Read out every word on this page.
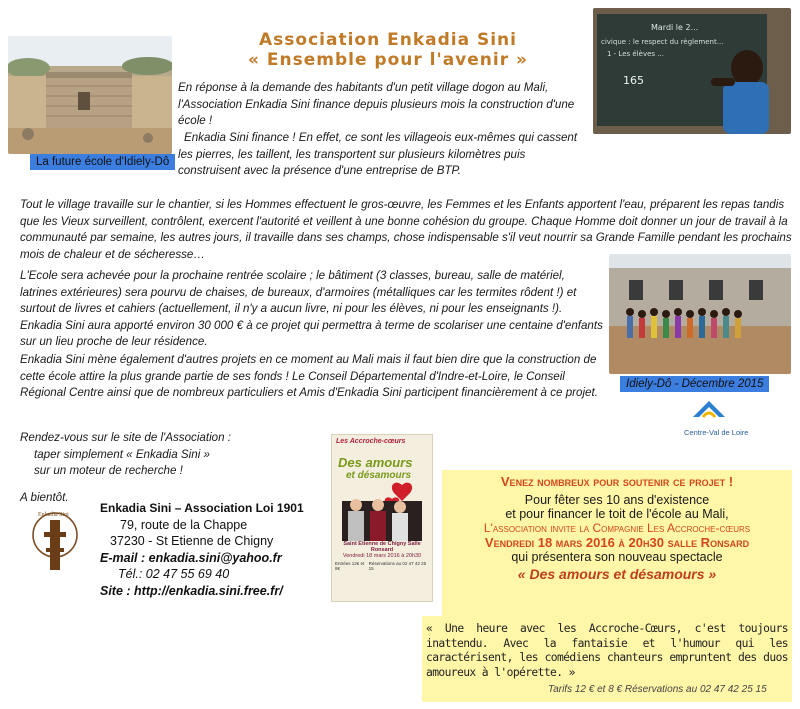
La future école d'Idiely-Dô
Association Enkadia Sini
« Ensemble pour l'avenir »
Mardi le 2...
civique : le respect du règlement...
1 - Les élèves ...
165

En réponse à la demande des habitants d'un petit village dogon au Mali, l'Association Enkadia Sini finance depuis plusieurs mois la construction d'une école !

Enkadia Sini finance ! En effet, ce sont les villageois eux-mêmes qui cassent les pierres, les taillent, les transportent sur plusieurs kilomètres puis construisent avec la présence d'une entreprise de BTP.

Tout le village travaille sur le chantier, si les Hommes effectuent le gros-œuvre, les Femmes et les Enfants apportent l'eau, préparent les repas tandis que les Vieux surveillent, contrôlent, exercent l'autorité et veillent à une bonne cohésion du groupe. Chaque Homme doit donner un jour de travail à la communauté par semaine, les autres jours, il travaille dans ses champs, chose indispensable s'il veut nourrir sa Grande Famille pendant les prochains mois de chaleur et de sécheresse…

Idiely-Dô - Décembre 2015

L'Ecole sera achevée pour la prochaine rentrée scolaire ; le bâtiment (3 classes, bureau, salle de matériel, latrines extérieures) sera pourvu de chaises, de bureaux, d'armoires (métalliques car les termites rôdent !) et surtout de livres et cahiers (actuellement, il n'y a aucun livre, ni pour les élèves, ni pour les enseignants !). Enkadia Sini aura apporté environ 30 000 € à ce projet qui permettra à terme de scolariser une centaine d'enfants sur un lieu proche de leur résidence.

Enkadia Sini mène également d'autres projets en ce moment au Mali mais il faut bien dire que la construction de cette école attire la plus grande partie de ses fonds ! Le Conseil Départemental d'Indre-et-Loire, le Conseil Régional Centre ainsi que de nombreux particuliers et Amis d'Enkadia Sini participent financièrement à ce projet.

Centre-Val de Loire
Rendez-vous sur le site de l'Association :
taper simplement « Enkadia Sini »
sur un moteur de recherche !
A bientôt.
Enkadia Sini	Enkadia Sini – Association Loi 1901
79, route de la Chappe
37230 - St Etienne de Chigny
E-mail : enkadia.sini@yahoo.fr
Tél.: 02 47 55 69 40
Site : http://enkadia.sini.free.fr/
Les Accroche-cœurs
Des amours
et désamours
Saint Etienne de Chigny Salle Ronsard
Vendredi 18 mars 2016 à 20h30
Entrées 12€ et 8€
Réservations au 02 47 42 25 15
Venez nombreux pour soutenir ce projet !
Pour fêter ses 10 ans d'existence
et pour financer le toit de l'école au Mali,
L'association invite la Compagnie Les Accroche-cœurs
Vendredi 18 mars 2016 à 20h30 salle Ronsard
qui présentera son nouveau spectacle
« Des amours et désamours »
« Une heure avec les Accroche-Cœurs, c'est toujours inattendu. Avec la fantaisie et l'humour qui les caractérisent, les comédiens chanteurs empruntent des duos amoureux à l'opérette. »
Tarifs 12 € et 8 € Réservations au 02 47 42 25 15
